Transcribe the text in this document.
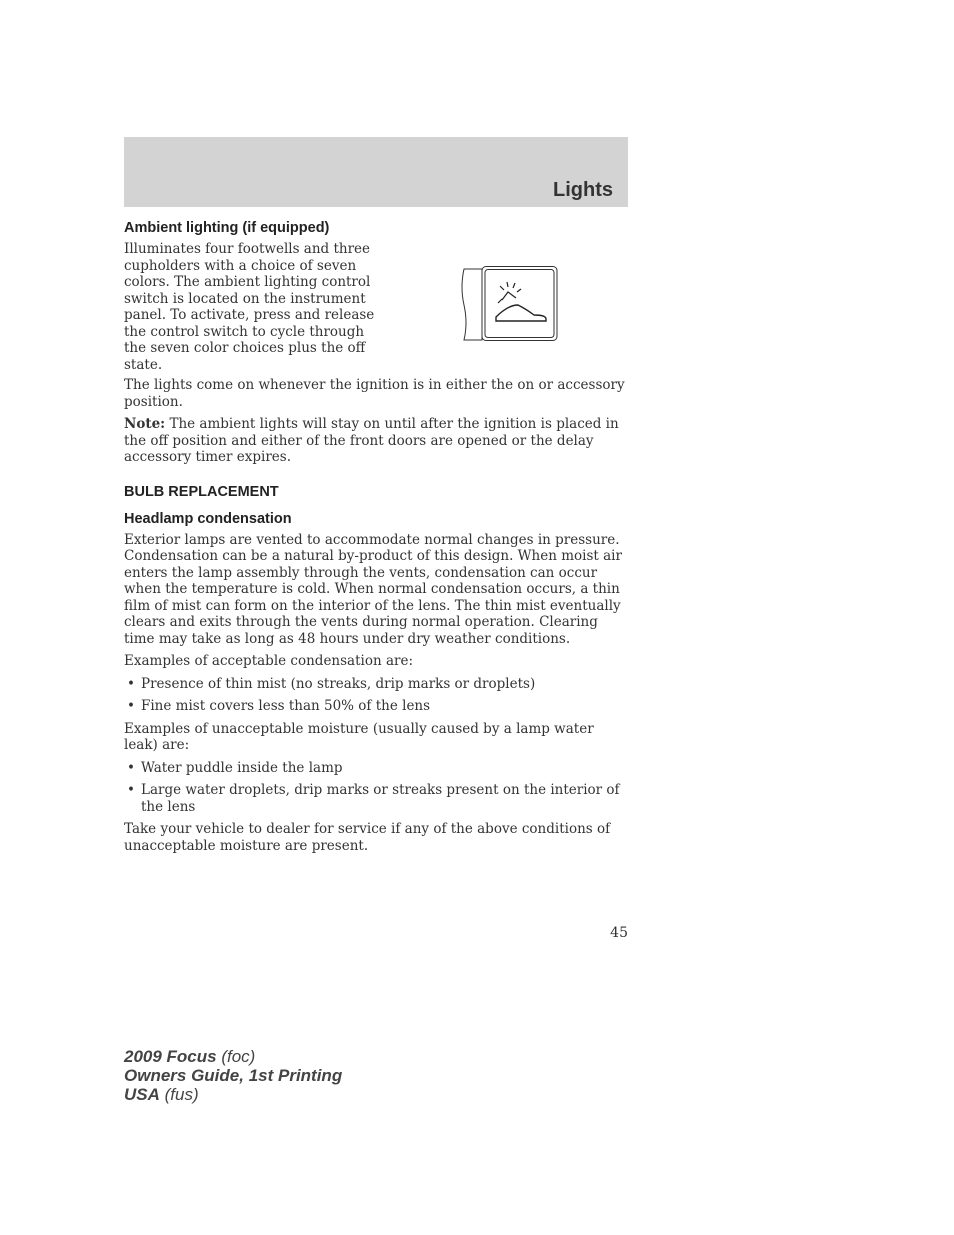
Lights
Ambient lighting (if equipped)

Illuminates four footwells and three cupholders with a choice of seven colors. The ambient lighting control switch is located on the instrument panel. To activate, press and release the control switch to cycle through the seven color choices plus the off state.

The lights come on whenever the ignition is in either the on or accessory position.

Note: The ambient lights will stay on until after the ignition is placed in the off position and either of the front doors are opened or the delay accessory timer expires.

BULB REPLACEMENT
Headlamp condensation

Exterior lamps are vented to accommodate normal changes in pressure. Condensation can be a natural by-product of this design. When moist air enters the lamp assembly through the vents, condensation can occur when the temperature is cold. When normal condensation occurs, a thin film of mist can form on the interior of the lens. The thin mist eventually clears and exits through the vents during normal operation. Clearing time may take as long as 48 hours under dry weather conditions.

Examples of acceptable condensation are:

• Presence of thin mist (no streaks, drip marks or droplets)
• Fine mist covers less than 50% of the lens

Examples of unacceptable moisture (usually caused by a lamp water leak) are:

• Water puddle inside the lamp
• Large water droplets, drip marks or streaks present on the interior of the lens

Take your vehicle to dealer for service if any of the above conditions of unacceptable moisture are present.

45
2009 Focus (foc)
Owners Guide, 1st Printing
USA (fus)
